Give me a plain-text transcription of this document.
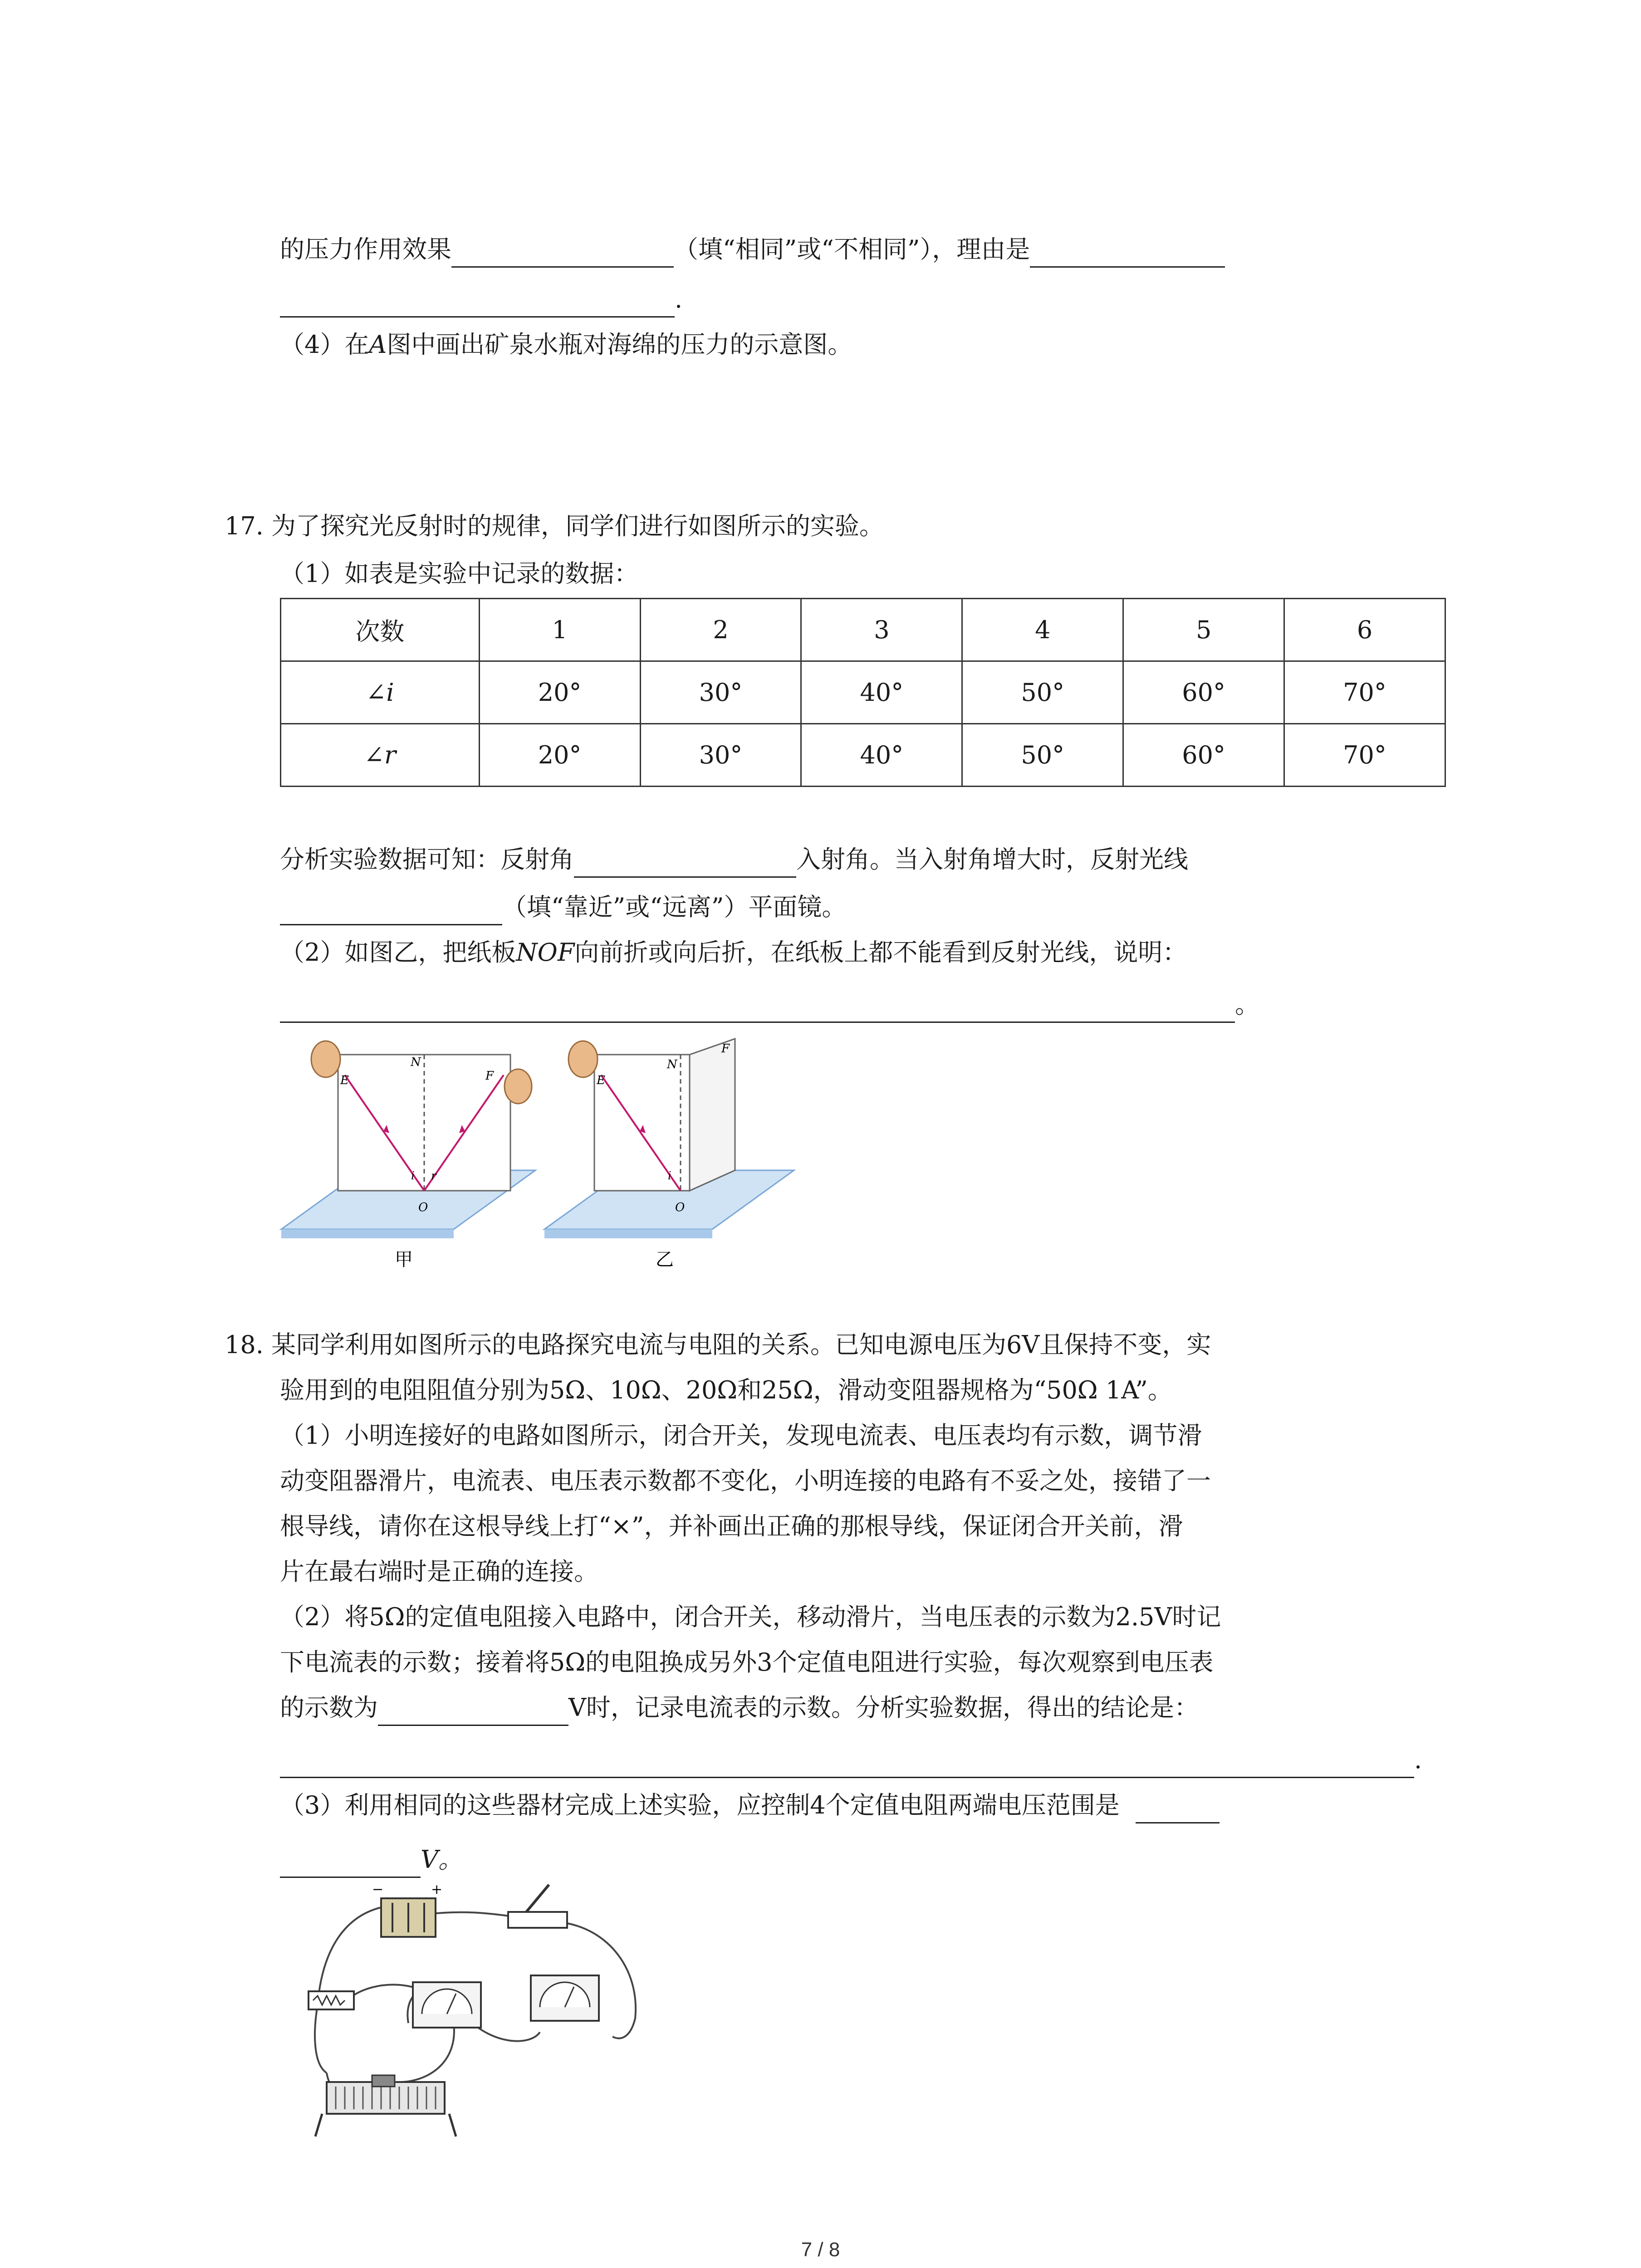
的压力作用效果	（填“相同”或“不相同”），理由是
.
（4）在A图中画出矿泉水瓶对海绵的压力的示意图。
17. 为了探究光反射时的规律，同学们进行如图所示的实验。
（1）如表是实验中记录的数据：
次数	1	2	3	4	5	6
∠i	20°	30°	40°	50°	60°	70°
∠r	20°	30°	40°	50°	60°	70°
分析实验数据可知：反射角	入射角。当入射角增大时，反射光线
（填“靠近”或“远离”）平面镜。
（2）如图乙，把纸板NOF向前折或向后折，在纸板上都不能看到反射光线，说明：
。
E
N
F
O
i r
甲
E
N
F
O
i
乙
18. 某同学利用如图所示的电路探究电流与电阻的关系。已知电源电压为6V且保持不变，实
验用到的电阻阻值分别为5Ω、10Ω、20Ω和25Ω，滑动变阻器规格为“50Ω 1A”。
（1）小明连接好的电路如图所示，闭合开关，发现电流表、电压表均有示数，调节滑
动变阻器滑片，电流表、电压表示数都不变化，小明连接的电路有不妥之处，接错了一
根导线，请你在这根导线上打“×”，并补画出正确的那根导线，保证闭合开关前，滑
片在最右端时是正确的连接。
（2）将5Ω的定值电阻接入电路中，闭合开关，移动滑片，当电压表的示数为2.5V时记
下电流表的示数；接着将5Ω的电阻换成另外3个定值电阻进行实验，每次观察到电压表
的示数为	V时，记录电流表的示数。分析实验数据，得出的结论是：
.
（3）利用相同的这些器材完成上述实验，应控制4个定值电阻两端电压范围是
V。
−	+
7 / 8
